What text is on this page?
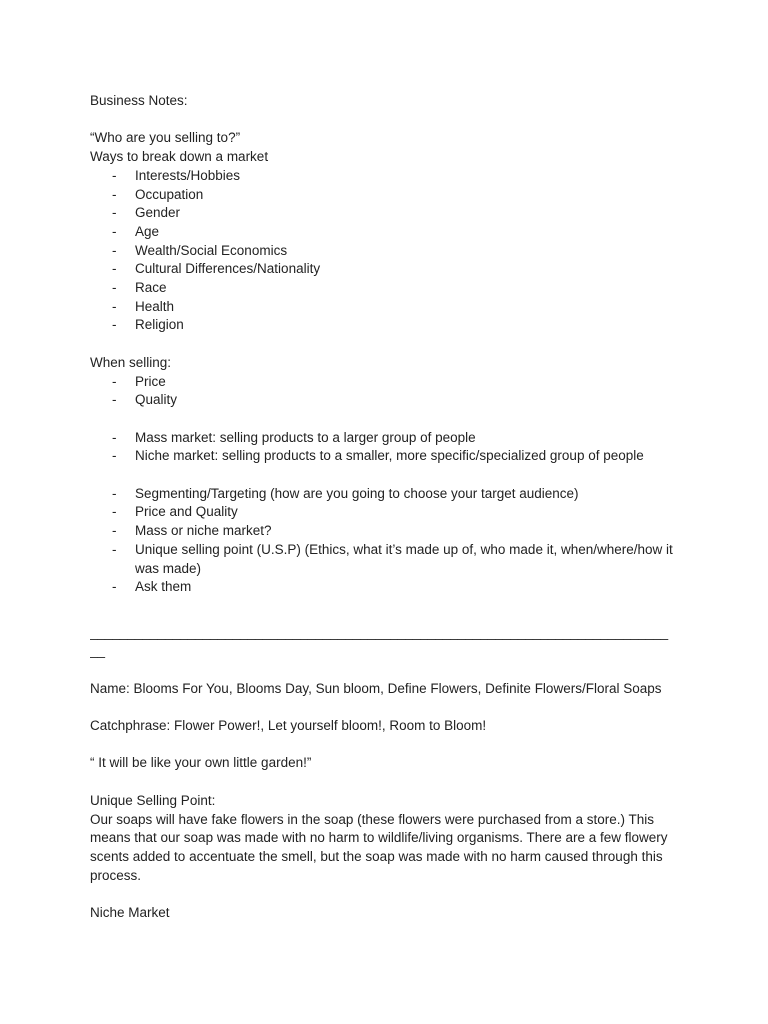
Business Notes:
“Who are you selling to?”
Ways to break down a market
- Interests/Hobbies
- Occupation
- Gender
- Age
- Wealth/Social Economics
- Cultural Differences/Nationality
- Race
- Health
- Religion
When selling:
- Price
- Quality
- Mass market: selling products to a larger group of people
- Niche market: selling products to a smaller, more specific/specialized group of people
- Segmenting/Targeting (how are you going to choose your target audience)
- Price and Quality
- Mass or niche market?
- Unique selling point (U.S.P) (Ethics, what it’s made up of, who made it, when/where/how it was made)
- Ask them
_____________________________________________________________________________
__
Name: Blooms For You, Blooms Day, Sun bloom, Define Flowers, Definite Flowers/Floral Soaps
Catchphrase: Flower Power!, Let yourself bloom!, Room to Bloom!
“ It will be like your own little garden!”
Unique Selling Point:
Our soaps will have fake flowers in the soap (these flowers were purchased from a store.) This means that our soap was made with no harm to wildlife/living organisms. There are a few flowery scents added to accentuate the smell, but the soap was made with no harm caused through this process.
Niche Market
